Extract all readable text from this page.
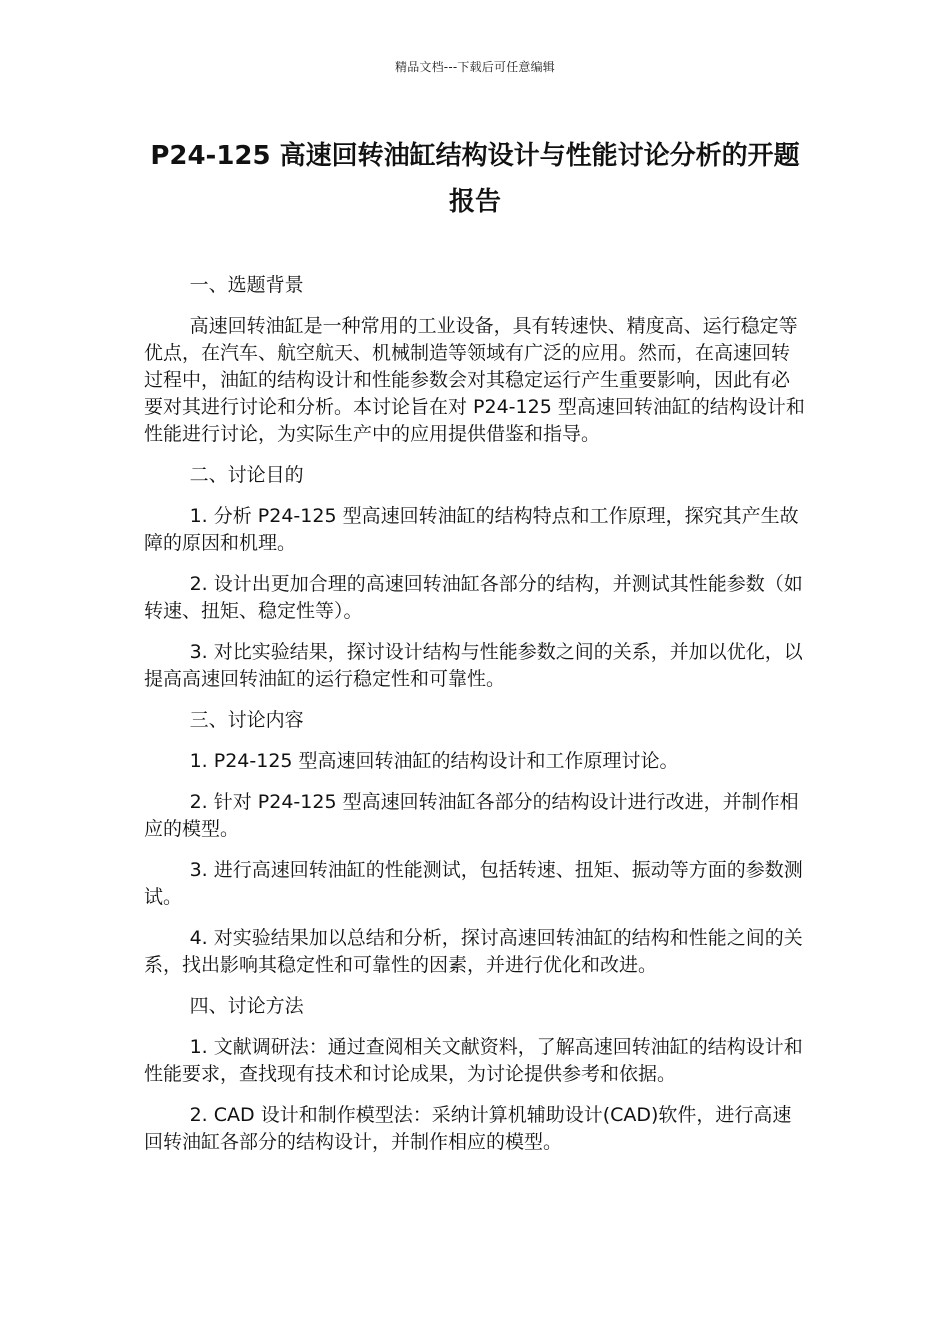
精品文档---下载后可任意编辑
P24-125 高速回转油缸结构设计与性能讨论分析的开题报告

一、选题背景

高速回转油缸是一种常用的工业设备，具有转速快、精度高、运行稳定等优点，在汽车、航空航天、机械制造等领域有广泛的应用。然而，在高速回转过程中，油缸的结构设计和性能参数会对其稳定运行产生重要影响，因此有必要对其进行讨论和分析。本讨论旨在对 P24-125 型高速回转油缸的结构设计和性能进行讨论，为实际生产中的应用提供借鉴和指导。

二、讨论目的

1. 分析 P24-125 型高速回转油缸的结构特点和工作原理，探究其产生故障的原因和机理。

2. 设计出更加合理的高速回转油缸各部分的结构，并测试其性能参数（如转速、扭矩、稳定性等）。

3. 对比实验结果，探讨设计结构与性能参数之间的关系，并加以优化，以提高高速回转油缸的运行稳定性和可靠性。

三、讨论内容

1. P24-125 型高速回转油缸的结构设计和工作原理讨论。

2. 针对 P24-125 型高速回转油缸各部分的结构设计进行改进，并制作相应的模型。

3. 进行高速回转油缸的性能测试，包括转速、扭矩、振动等方面的参数测试。

4. 对实验结果加以总结和分析，探讨高速回转油缸的结构和性能之间的关系，找出影响其稳定性和可靠性的因素，并进行优化和改进。

四、讨论方法

1. 文献调研法：通过查阅相关文献资料，了解高速回转油缸的结构设计和性能要求，查找现有技术和讨论成果，为讨论提供参考和依据。

2. CAD 设计和制作模型法：采纳计算机辅助设计(CAD)软件，进行高速回转油缸各部分的结构设计，并制作相应的模型。
